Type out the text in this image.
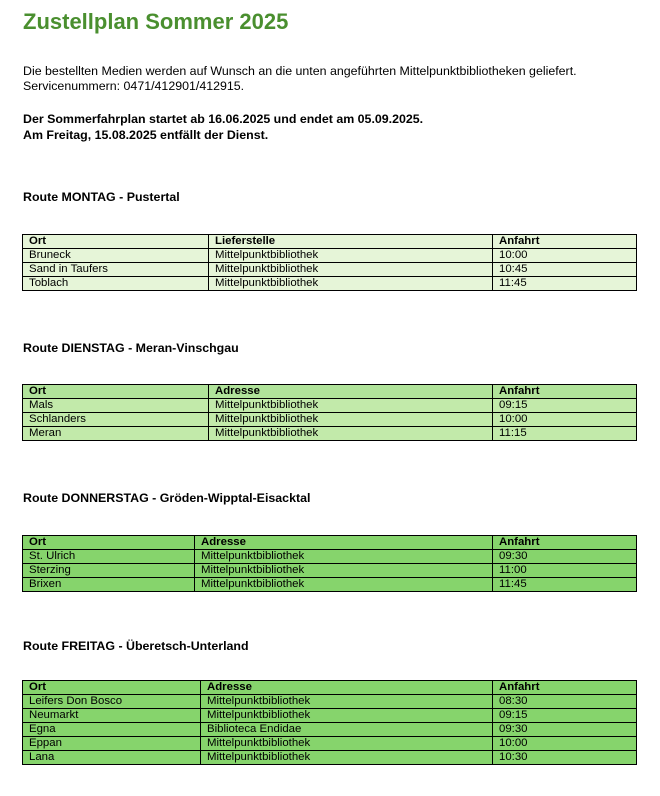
Zustellplan Sommer 2025
Die bestellten Medien werden auf Wunsch an die unten angeführten Mittelpunktbibliotheken geliefert. Servicenummern: 0471/412901/412915.
Der Sommerfahrplan startet ab 16.06.2025 und endet am 05.09.2025.
Am Freitag, 15.08.2025 entfällt der Dienst.
Route MONTAG - Pustertal
Ort	Lieferstelle	Anfahrt
Bruneck	Mittelpunktbibliothek	10:00
Sand in Taufers	Mittelpunktbibliothek	10:45
Toblach	Mittelpunktbibliothek	11:45
Route DIENSTAG - Meran-Vinschgau
Ort	Adresse	Anfahrt
Mals	Mittelpunktbibliothek	09:15
Schlanders	Mittelpunktbibliothek	10:00
Meran	Mittelpunktbibliothek	11:15
Route DONNERSTAG - Gröden-Wipptal-Eisacktal
Ort	Adresse	Anfahrt
St. Ulrich	Mittelpunktbibliothek	09:30
Sterzing	Mittelpunktbibliothek	11:00
Brixen	Mittelpunktbibliothek	11:45
Route FREITAG - Überetsch-Unterland
Ort	Adresse	Anfahrt
Leifers Don Bosco	Mittelpunktbibliothek	08:30
Neumarkt	Mittelpunktbibliothek	09:15
Egna	Biblioteca Endidae	09:30
Eppan	Mittelpunktbibliothek	10:00
Lana	Mittelpunktbibliothek	10:30
